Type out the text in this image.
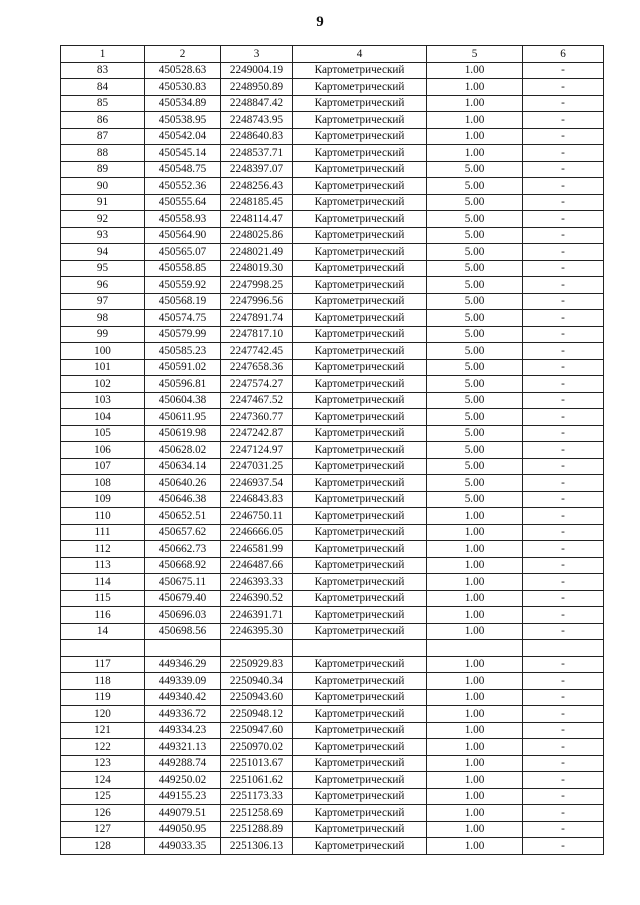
9
1	2	3	4	5	6
83	450528.63	2249004.19	Картометрический	1.00	-
84	450530.83	2248950.89	Картометрический	1.00	-
85	450534.89	2248847.42	Картометрический	1.00	-
86	450538.95	2248743.95	Картометрический	1.00	-
87	450542.04	2248640.83	Картометрический	1.00	-
88	450545.14	2248537.71	Картометрический	1.00	-
89	450548.75	2248397.07	Картометрический	5.00	-
90	450552.36	2248256.43	Картометрический	5.00	-
91	450555.64	2248185.45	Картометрический	5.00	-
92	450558.93	2248114.47	Картометрический	5.00	-
93	450564.90	2248025.86	Картометрический	5.00	-
94	450565.07	2248021.49	Картометрический	5.00	-
95	450558.85	2248019.30	Картометрический	5.00	-
96	450559.92	2247998.25	Картометрический	5.00	-
97	450568.19	2247996.56	Картометрический	5.00	-
98	450574.75	2247891.74	Картометрический	5.00	-
99	450579.99	2247817.10	Картометрический	5.00	-
100	450585.23	2247742.45	Картометрический	5.00	-
101	450591.02	2247658.36	Картометрический	5.00	-
102	450596.81	2247574.27	Картометрический	5.00	-
103	450604.38	2247467.52	Картометрический	5.00	-
104	450611.95	2247360.77	Картометрический	5.00	-
105	450619.98	2247242.87	Картометрический	5.00	-
106	450628.02	2247124.97	Картометрический	5.00	-
107	450634.14	2247031.25	Картометрический	5.00	-
108	450640.26	2246937.54	Картометрический	5.00	-
109	450646.38	2246843.83	Картометрический	5.00	-
110	450652.51	2246750.11	Картометрический	1.00	-
111	450657.62	2246666.05	Картометрический	1.00	-
112	450662.73	2246581.99	Картометрический	1.00	-
113	450668.92	2246487.66	Картометрический	1.00	-
114	450675.11	2246393.33	Картометрический	1.00	-
115	450679.40	2246390.52	Картометрический	1.00	-
116	450696.03	2246391.71	Картометрический	1.00	-
14	450698.56	2246395.30	Картометрический	1.00	-

117	449346.29	2250929.83	Картометрический	1.00	-
118	449339.09	2250940.34	Картометрический	1.00	-
119	449340.42	2250943.60	Картометрический	1.00	-
120	449336.72	2250948.12	Картометрический	1.00	-
121	449334.23	2250947.60	Картометрический	1.00	-
122	449321.13	2250970.02	Картометрический	1.00	-
123	449288.74	2251013.67	Картометрический	1.00	-
124	449250.02	2251061.62	Картометрический	1.00	-
125	449155.23	2251173.33	Картометрический	1.00	-
126	449079.51	2251258.69	Картометрический	1.00	-
127	449050.95	2251288.89	Картометрический	1.00	-
128	449033.35	2251306.13	Картометрический	1.00	-
